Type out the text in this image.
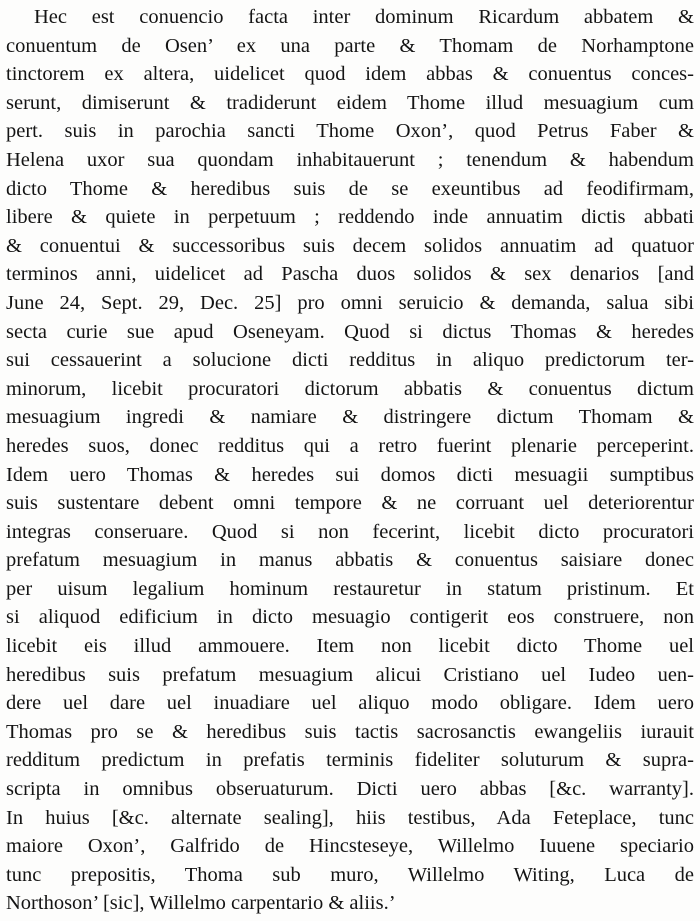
Hec est conuencio facta inter dominum Ricardum abbatem &
conuentum de Osen’ ex una parte & Thomam de Norhamptone
tinctorem ex altera, uidelicet quod idem abbas & conuentus conces-
serunt, dimiserunt & tradiderunt eidem Thome illud mesuagium cum
pert. suis in parochia sancti Thome Oxon’, quod Petrus Faber &
Helena uxor sua quondam inhabitauerunt ; tenendum & habendum
dicto Thome & heredibus suis de se exeuntibus ad feodifirmam,
libere & quiete in perpetuum ; reddendo inde annuatim dictis abbati
& conuentui & successoribus suis decem solidos annuatim ad quatuor
terminos anni, uidelicet ad Pascha duos solidos & sex denarios [and
June 24, Sept. 29, Dec. 25] pro omni seruicio & demanda, salua sibi
secta curie sue apud Oseneyam. Quod si dictus Thomas & heredes
sui cessauerint a solucione dicti redditus in aliquo predictorum ter-
minorum, licebit procuratori dictorum abbatis & conuentus dictum
mesuagium ingredi & namiare & distringere dictum Thomam &
heredes suos, donec redditus qui a retro fuerint plenarie perceperint.
Idem uero Thomas & heredes sui domos dicti mesuagii sumptibus
suis sustentare debent omni tempore & ne corruant uel deteriorentur
integras conseruare. Quod si non fecerint, licebit dicto procuratori
prefatum mesuagium in manus abbatis & conuentus saisiare donec
per uisum legalium hominum restauretur in statum pristinum. Et
si aliquod edificium in dicto mesuagio contigerit eos construere, non
licebit eis illud ammouere. Item non licebit dicto Thome uel
heredibus suis prefatum mesuagium alicui Cristiano uel Iudeo uen-
dere uel dare uel inuadiare uel aliquo modo obligare. Idem uero
Thomas pro se & heredibus suis tactis sacrosanctis ewangeliis iurauit
redditum predictum in prefatis terminis fideliter soluturum & supra-
scripta in omnibus obseruaturum. Dicti uero abbas [&c. warranty].
In huius [&c. alternate sealing], hiis testibus, Ada Feteplace, tunc
maiore Oxon’, Galfrido de Hincsteseye, Willelmo Iuuene speciario
tunc prepositis, Thoma sub muro, Willelmo Witing, Luca de
Northoson’ [sic], Willelmo carpentario & aliis.’
